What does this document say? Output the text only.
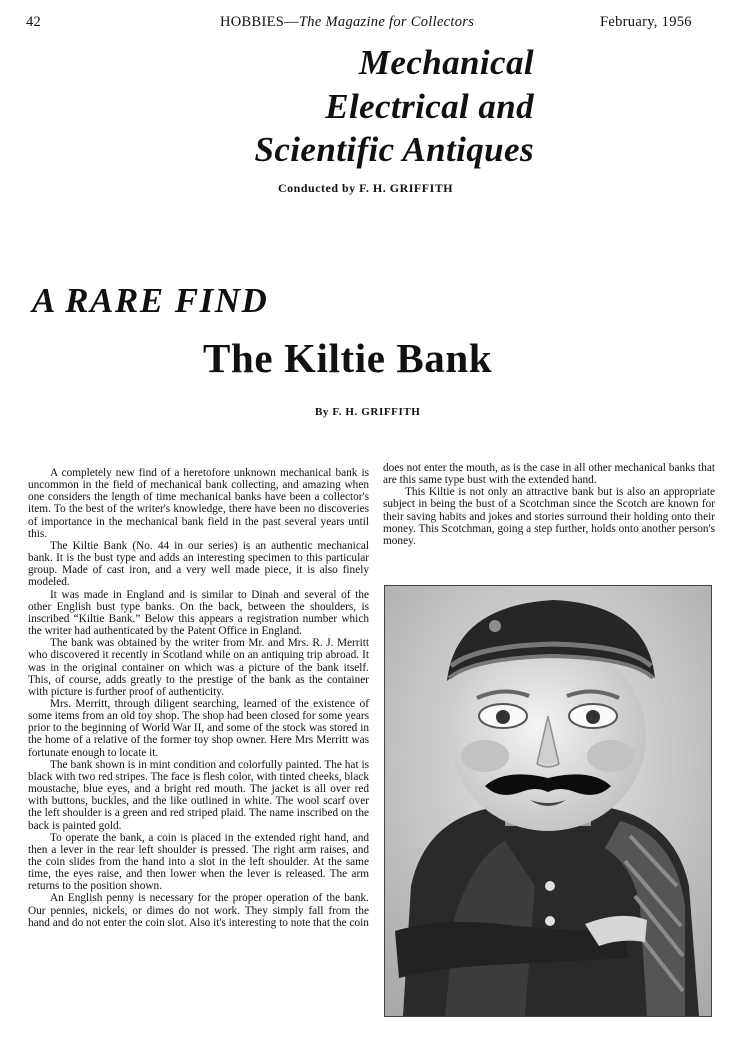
42	HOBBIES—The Magazine for Collectors	February, 1956
Mechanical
Electrical and
Scientific Antiques
Conducted by F. H. GRIFFITH
A RARE FIND
The Kiltie Bank
By F. H. GRIFFITH

A completely new find of a heretofore unknown mechanical bank is uncommon in the field of mechanical bank collecting, and amazing when one considers the length of time mechanical banks have been a collector's item. To the best of the writer's knowledge, there have been no discoveries of importance in the mechanical bank field in the past several years until this.

The Kiltie Bank (No. 44 in our series) is an authentic mechanical bank. It is the bust type and adds an interesting specimen to this particular group. Made of cast iron, and a very well made piece, it is also finely modeled.

It was made in England and is similar to Dinah and several of the other English bust type banks. On the back, between the shoulders, is inscribed “Kiltie Bank.” Below this appears a registration number which the writer had authenticated by the Patent Office in England.

The bank was obtained by the writer from Mr. and Mrs. R. J. Merritt who discovered it recently in Scotland while on an antiquing trip abroad. It was in the original container on which was a picture of the bank itself. This, of course, adds greatly to the prestige of the bank as the container with picture is further proof of authenticity.

Mrs. Merritt, through diligent searching, learned of the existence of some items from an old toy shop. The shop had been closed for some years prior to the beginning of World War II, and some of the stock was stored in the home of a relative of the former toy shop owner. Here Mrs Merritt was fortunate enough to locate it.

The bank shown is in mint condition and colorfully painted. The hat is black with two red stripes. The face is flesh color, with tinted cheeks, black moustache, blue eyes, and a bright red mouth. The jacket is all over red with buttons, buckles, and the like outlined in white. The wool scarf over the left shoulder is a green and red striped plaid. The name inscribed on the back is painted gold.

To operate the bank, a coin is placed in the extended right hand, and then a lever in the rear left shoulder is pressed. The right arm raises, and the coin slides from the hand into a slot in the left shoulder. At the same time, the eyes raise, and then lower when the lever is released. The arm returns to the position shown.

An English penny is necessary for the proper operation of the bank. Our pennies, nickels, or dimes do not work. They simply fall from the hand and do not enter the coin slot. Also it's interesting to note that the coin

does not enter the mouth, as is the case in all other mechanical banks that are this same type bust with the extended hand.

This Kiltie is not only an attractive bank but is also an appropriate subject in being the bust of a Scotchman since the Scotch are known for their saving habits and jokes and stories surround their holding onto their money. This Scotchman, going a step further, holds onto another person's money.
